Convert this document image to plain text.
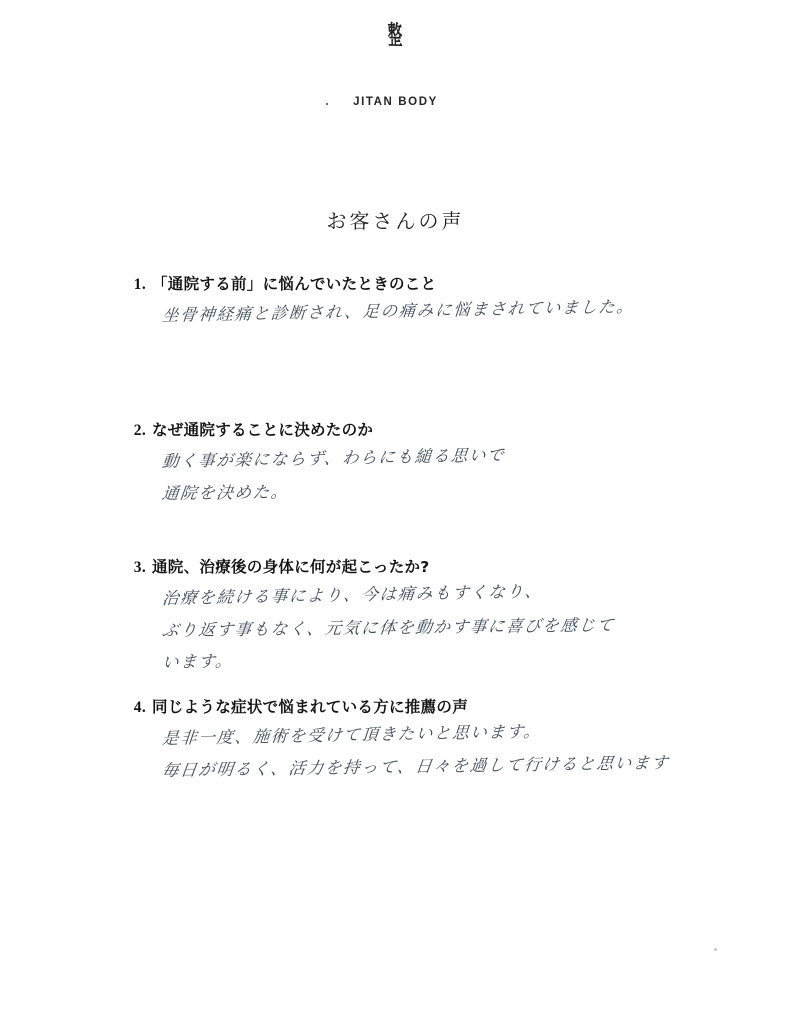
整
JITAN BODY
お客さんの声
1. 「通院する前」に悩んでいたときのこと
坐骨神経痛と診断され、足の痛みに悩まされていました。
2. なぜ通院することに決めたのか
動く事が楽にならず、わらにも縋る思いで
通院を決めた。
3. 通院、治療後の身体に何が起こったか?
治療を続ける事により、今は痛みもすくなり、
ぶり返す事もなく、元気に体を動かす事に喜びを感じて
います。
4. 同じような症状で悩まれている方に推薦の声
是非一度、施術を受けて頂きたいと思います。
毎日が明るく、活力を持って、日々を過して行けると思います
